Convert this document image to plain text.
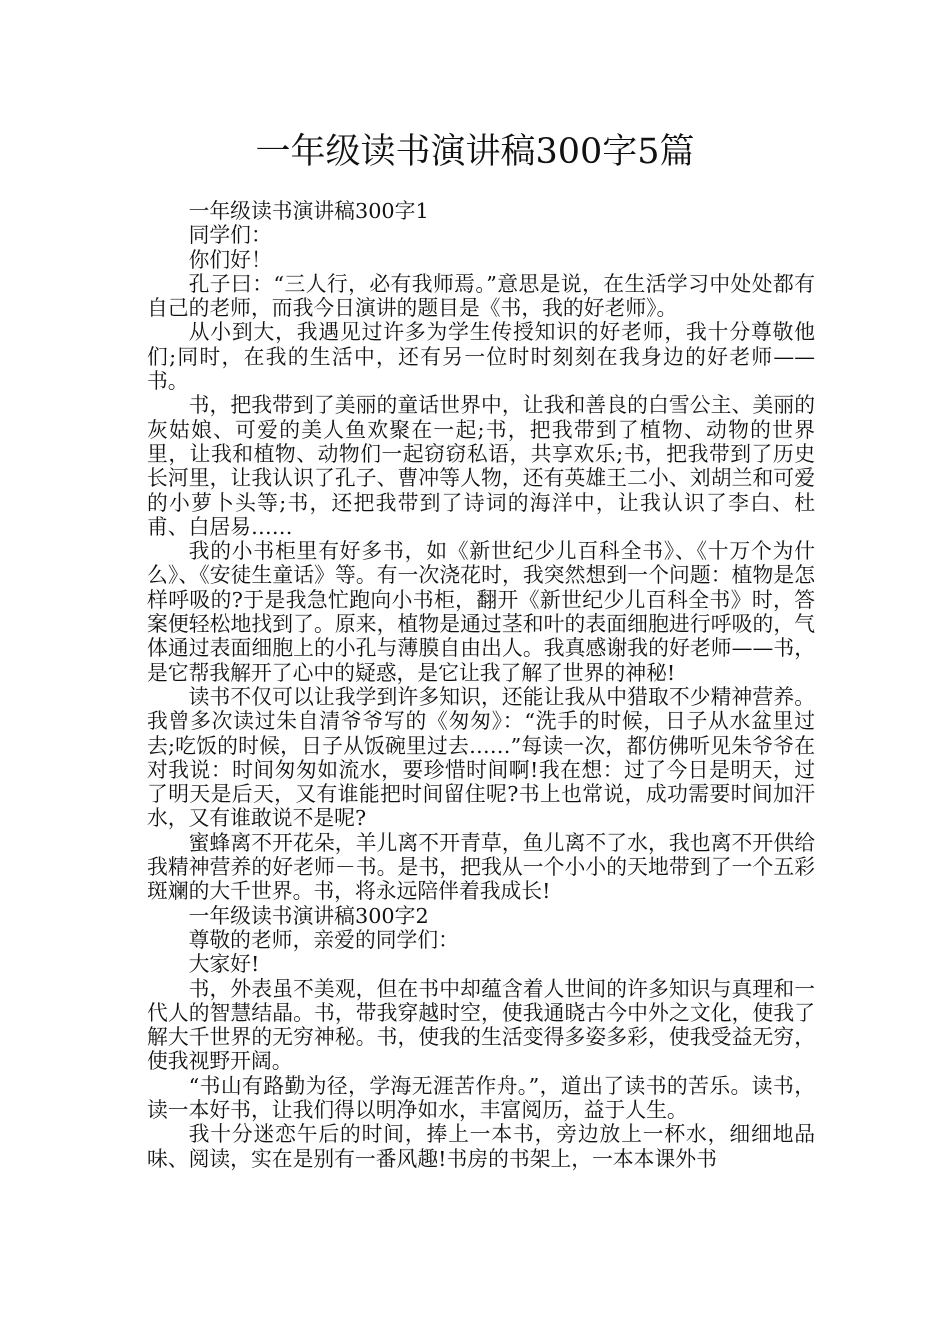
一年级读书演讲稿300字5篇

一年级读书演讲稿300字1

同学们：

你们好！

孔子曰：“三人行，必有我师焉。”意思是说，在生活学习中处处都有自己的老师，而我今日演讲的题目是《书，我的好老师》。

从小到大，我遇见过许多为学生传授知识的好老师，我十分尊敬他们;同时，在我的生活中，还有另一位时时刻刻在我身边的好老师——书。

书，把我带到了美丽的童话世界中，让我和善良的白雪公主、美丽的灰姑娘、可爱的美人鱼欢聚在一起;书，把我带到了植物、动物的世界里，让我和植物、动物们一起窃窃私语，共享欢乐;书，把我带到了历史长河里，让我认识了孔子、曹冲等人物，还有英雄王二小、刘胡兰和可爱的小萝卜头等;书，还把我带到了诗词的海洋中，让我认识了李白、杜甫、白居易……

我的小书柜里有好多书，如《新世纪少儿百科全书》、《十万个为什么》、《安徒生童话》等。有一次浇花时，我突然想到一个问题：植物是怎样呼吸的?于是我急忙跑向小书柜，翻开《新世纪少儿百科全书》时，答案便轻松地找到了。原来，植物是通过茎和叶的表面细胞进行呼吸的，气体通过表面细胞上的小孔与薄膜自由出人。我真感谢我的好老师——书，是它帮我解开了心中的疑惑，是它让我了解了世界的神秘!

读书不仅可以让我学到许多知识，还能让我从中猎取不少精神营养。我曾多次读过朱自清爷爷写的《匆匆》：“洗手的时候，日子从水盆里过去;吃饭的时候，日子从饭碗里过去……”每读一次，都仿佛听见朱爷爷在对我说：时间匆匆如流水，要珍惜时间啊!我在想：过了今日是明天，过了明天是后天，又有谁能把时间留住呢?书上也常说，成功需要时间加汗水，又有谁敢说不是呢?

蜜蜂离不开花朵，羊儿离不开青草，鱼儿离不了水，我也离不开供给我精神营养的好老师－书。是书，把我从一个小小的天地带到了一个五彩斑斓的大千世界。书，将永远陪伴着我成长!

一年级读书演讲稿300字2

尊敬的老师，亲爱的同学们：

大家好!

书，外表虽不美观，但在书中却蕴含着人世间的许多知识与真理和一代人的智慧结晶。书，带我穿越时空，使我通晓古今中外之文化，使我了解大千世界的无穷神秘。书，使我的生活变得多姿多彩，使我受益无穷，使我视野开阔。

“书山有路勤为径，学海无涯苦作舟。”，道出了读书的苦乐。读书，读一本好书，让我们得以明净如水，丰富阅历，益于人生。

我十分迷恋午后的时间，捧上一本书，旁边放上一杯水，细细地品味、阅读，实在是别有一番风趣!书房的书架上，一本本课外书
